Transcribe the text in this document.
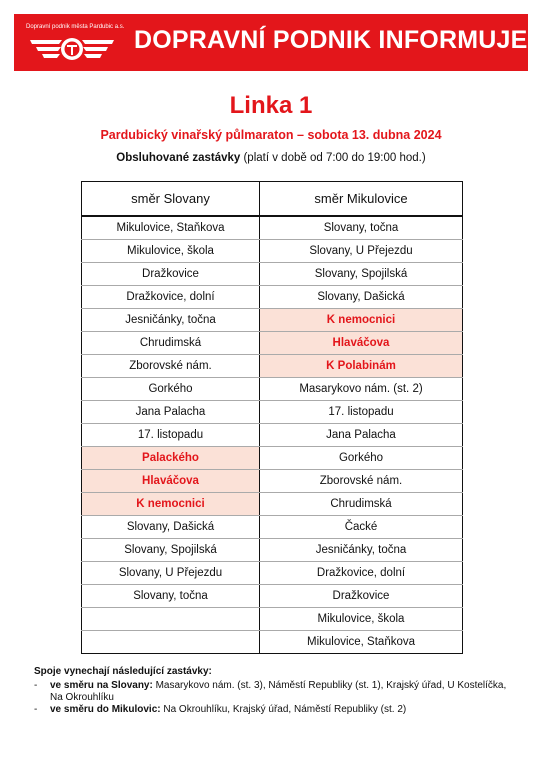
Dopravní podnik města Pardubic a.s. DOPRAVNÍ PODNIK INFORMUJE
Linka 1
Pardubický vinařský půlmaraton – sobota 13. dubna 2024
Obsluhované zastávky (platí v době od 7:00 do 19:00 hod.)
směr Slovany	směr Mikulovice
Mikulovice, Staňkova	Slovany, točna
Mikulovice, škola	Slovany, U Přejezdu
Dražkovice	Slovany, Spojilská
Dražkovice, dolní	Slovany, Dašická
Jesničánky, točna	K nemocnici
Chrudimská	Hlaváčova
Zborovské nám.	K Polabinám
Gorkého	Masarykovo nám. (st. 2)
Jana Palacha	17. listopadu
17. listopadu	Jana Palacha
Palackého	Gorkého
Hlaváčova	Zborovské nám.
K nemocnici	Chrudimská
Slovany, Dašická	Čacké
Slovany, Spojilská	Jesničánky, točna
Slovany, U Přejezdu	Dražkovice, dolní
Slovany, točna	Dražkovice
	Mikulovice, škola
	Mikulovice, Staňkova
Spoje vynechají následující zastávky:
- ve směru na Slovany: Masarykovo nám. (st. 3), Náměstí Republiky (st. 1), Krajský úřad, U Kostelíčka, Na Okrouhlíku
- ve směru do Mikulovic: Na Okrouhlíku, Krajský úřad, Náměstí Republiky (st. 2)
